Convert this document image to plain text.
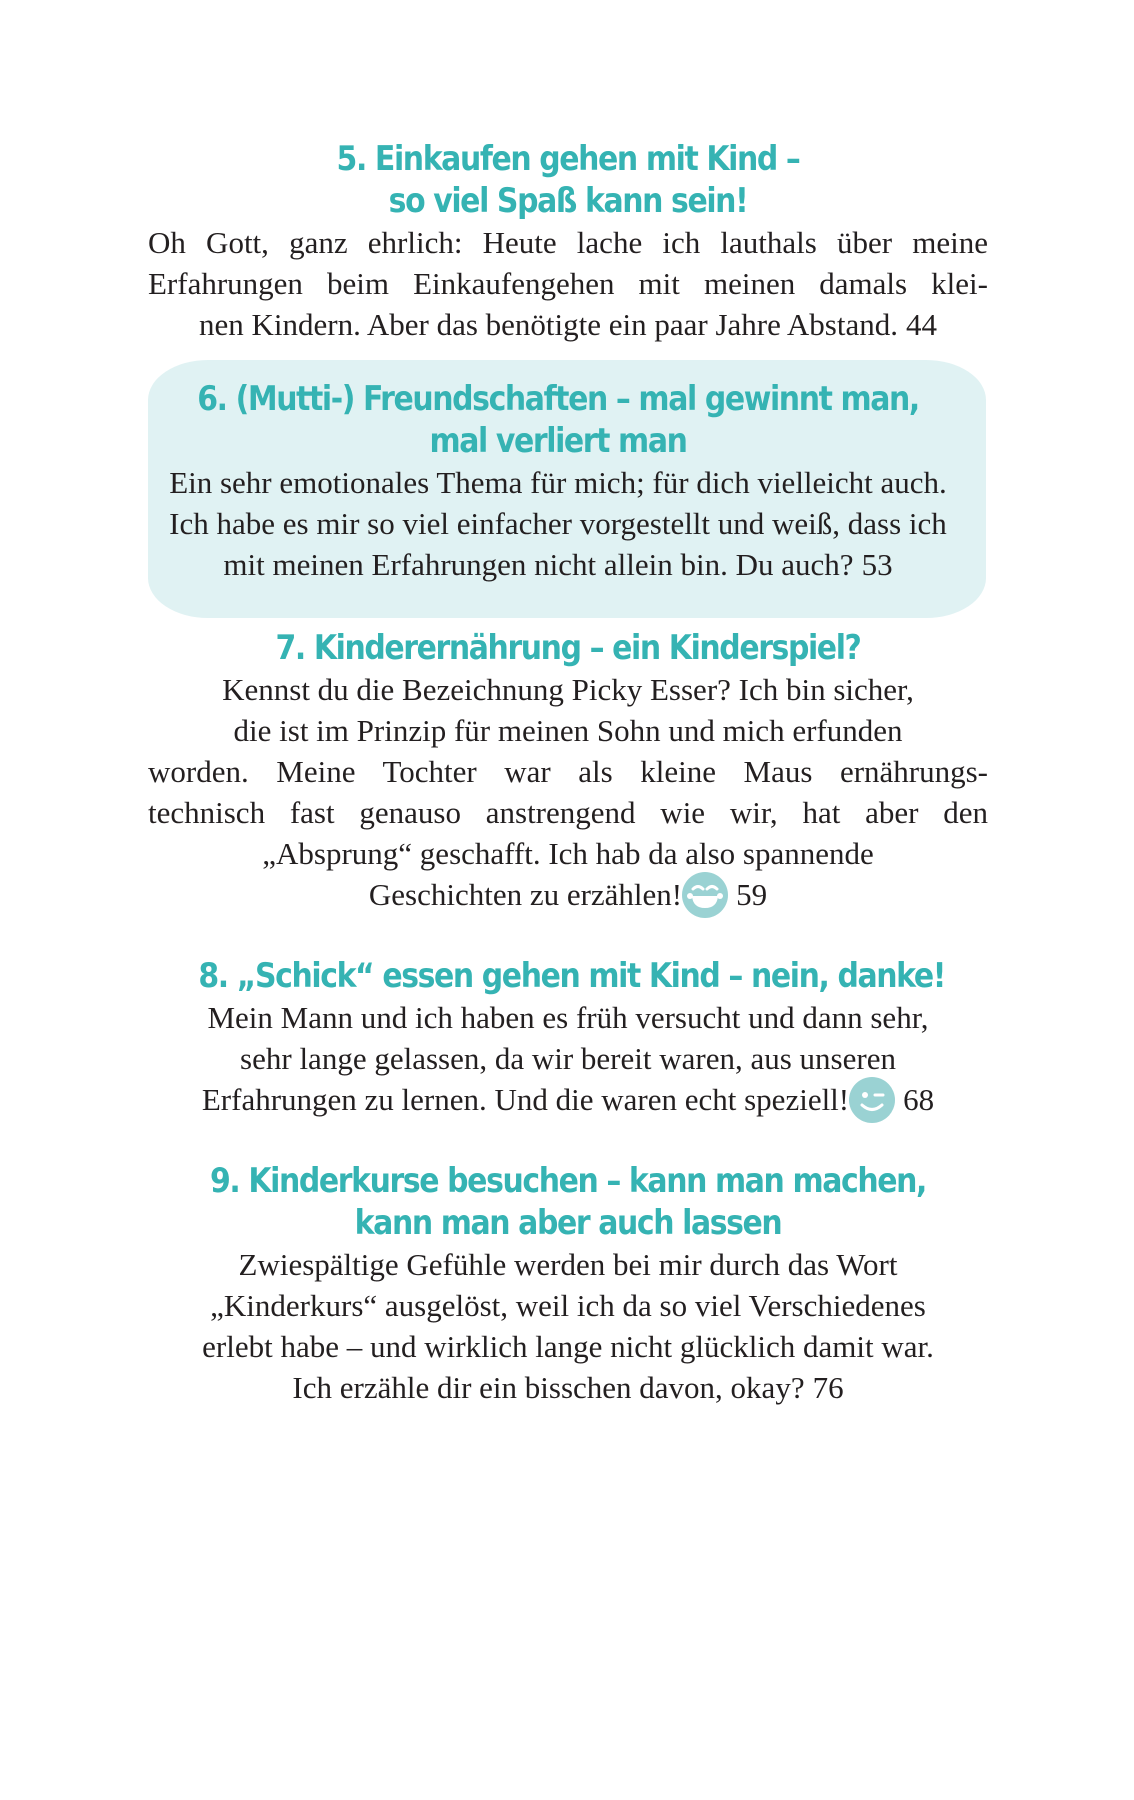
5. Einkaufen gehen mit Kind –
so viel Spaß kann sein!
Oh Gott, ganz ehrlich: Heute lache ich lauthals über meine
Erfahrungen beim Einkaufengehen mit meinen damals klei-
nen Kindern. Aber das benötigte ein paar Jahre Abstand. 44
6. (Mutti-) Freundschaften – mal gewinnt man,
mal verliert man
Ein sehr emotionales Thema für mich; für dich vielleicht auch.
Ich habe es mir so viel einfacher vorgestellt und weiß, dass ich
mit meinen Erfahrungen nicht allein bin. Du auch? 53
7. Kinderernährung – ein Kinderspiel?
Kennst du die Bezeichnung Picky Esser? Ich bin sicher,
die ist im Prinzip für meinen Sohn und mich erfunden
worden. Meine Tochter war als kleine Maus ernährungs-
technisch fast genauso anstrengend wie wir, hat aber den
„Absprung“ geschafft. Ich hab da also spannende
Geschichten zu erzählen! 59
8. „Schick“ essen gehen mit Kind – nein, danke!
Mein Mann und ich haben es früh versucht und dann sehr,
sehr lange gelassen, da wir bereit waren, aus unseren
Erfahrungen zu lernen. Und die waren echt speziell! 68
9. Kinderkurse besuchen – kann man machen,
kann man aber auch lassen
Zwiespältige Gefühle werden bei mir durch das Wort
„Kinderkurs“ ausgelöst, weil ich da so viel Verschiedenes
erlebt habe – und wirklich lange nicht glücklich damit war.
Ich erzähle dir ein bisschen davon, okay? 76
